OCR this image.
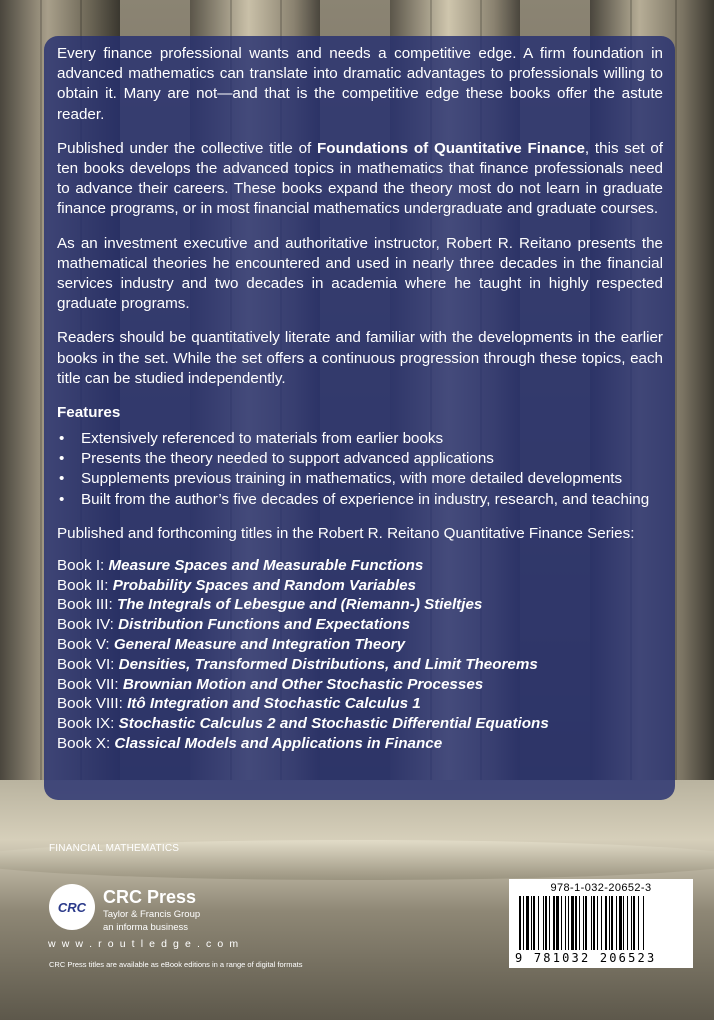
Every finance professional wants and needs a competitive edge. A firm foundation in advanced mathematics can translate into dramatic advantages to professionals willing to obtain it. Many are not—and that is the competitive edge these books offer the astute reader.

Published under the collective title of Foundations of Quantitative Finance, this set of ten books develops the advanced topics in mathematics that finance professionals need to advance their careers. These books expand the theory most do not learn in graduate finance programs, or in most financial mathematics undergraduate and graduate courses.

As an investment executive and authoritative instructor, Robert R. Reitano presents the mathematical theories he encountered and used in nearly three decades in the financial services industry and two decades in academia where he taught in highly respected graduate programs.

Readers should be quantitatively literate and familiar with the developments in the earlier books in the set. While the set offers a continuous progression through these topics, each title can be studied independently.

Features
• Extensively referenced to materials from earlier books
• Presents the theory needed to support advanced applications
• Supplements previous training in mathematics, with more detailed developments
• Built from the author’s five decades of experience in industry, research, and teaching

Published and forthcoming titles in the Robert R. Reitano Quantitative Finance Series:

Book I: Measure Spaces and Measurable Functions
Book II: Probability Spaces and Random Variables
Book III: The Integrals of Lebesgue and (Riemann-) Stieltjes
Book IV: Distribution Functions and Expectations
Book V: General Measure and Integration Theory
Book VI: Densities, Transformed Distributions, and Limit Theorems
Book VII: Brownian Motion and Other Stochastic Processes
Book VIII: Itô Integration and Stochastic Calculus 1
Book IX: Stochastic Calculus 2 and Stochastic Differential Equations
Book X: Classical Models and Applications in Finance
FINANCIAL MATHEMATICS
CRC CRC Press
Taylor & Francis Group
an informa business
w w w . r o u t l e d g e . c o m
CRC Press titles are available as eBook editions in a range of digital formats
978-1-032-20652-3
9 781032 206523
